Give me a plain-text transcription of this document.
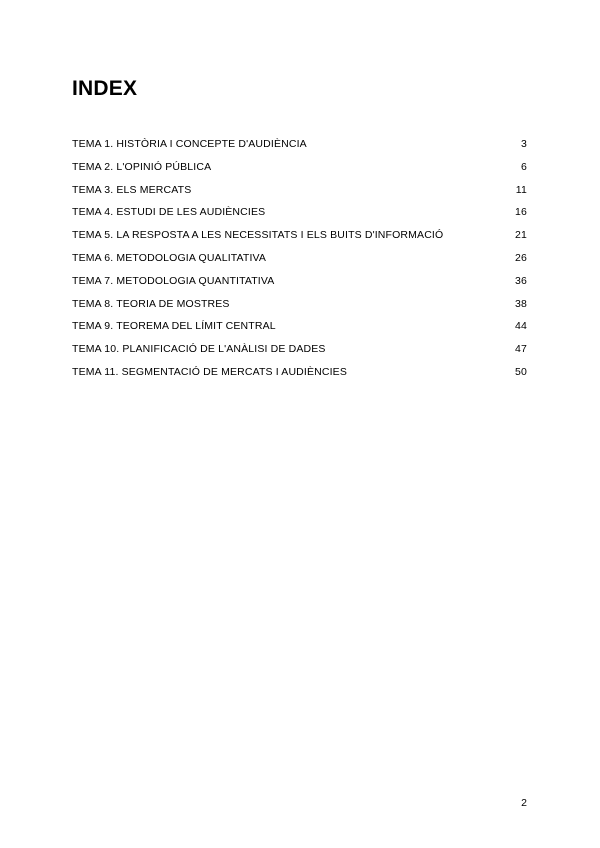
INDEX
TEMA 1. HISTÒRIA I CONCEPTE D'AUDIÈNCIA	3
TEMA 2. L'OPINIÓ PÚBLICA	6
TEMA 3. ELS MERCATS	11
TEMA 4. ESTUDI DE LES AUDIÈNCIES	16
TEMA 5. LA RESPOSTA A LES NECESSITATS I ELS BUITS D'INFORMACIÓ	21
TEMA 6. METODOLOGIA QUALITATIVA	26
TEMA 7. METODOLOGIA QUANTITATIVA	36
TEMA 8. TEORIA DE MOSTRES	38
TEMA 9. TEOREMA DEL LÍMIT CENTRAL	44
TEMA 10. PLANIFICACIÓ DE L'ANÀLISI DE DADES	47
TEMA 11. SEGMENTACIÓ DE MERCATS I AUDIÈNCIES	50
2
